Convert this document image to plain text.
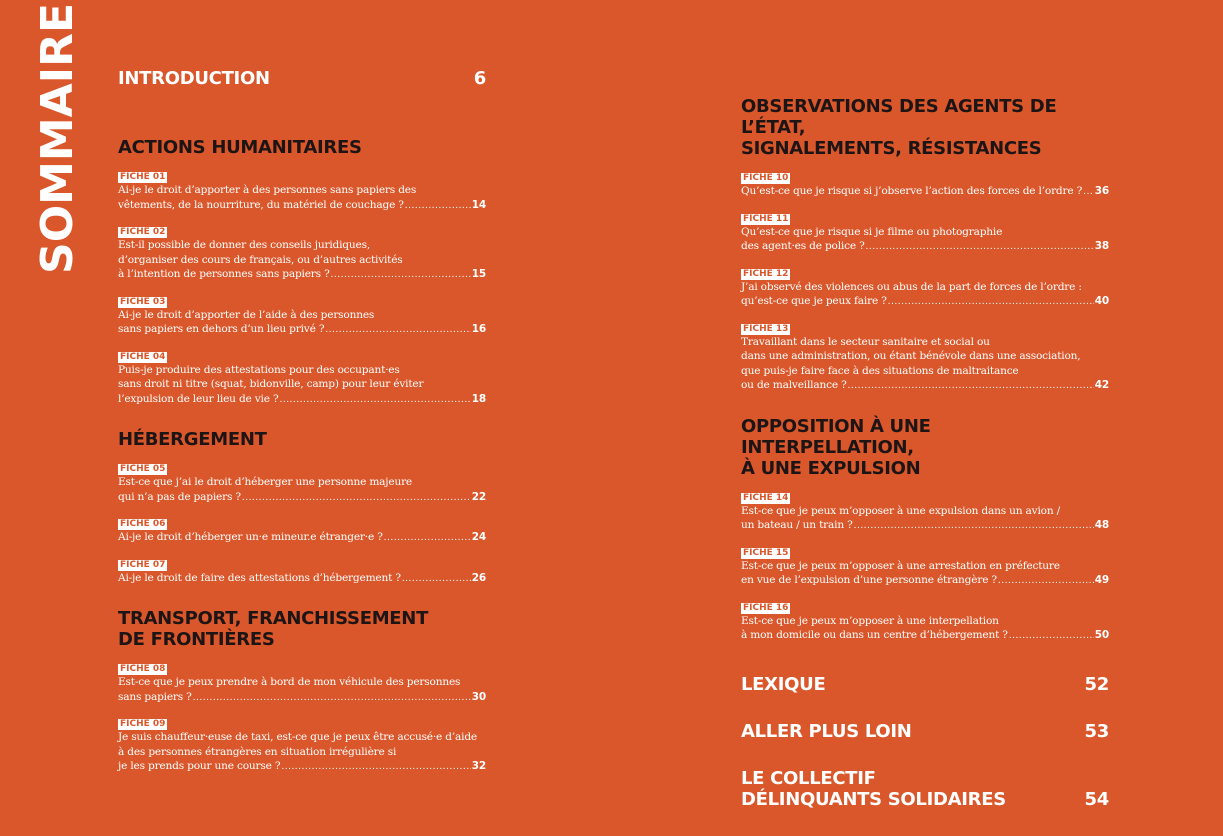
SOMMAIRE INTRODUCTION	6
ACTIONS HUMANITAIRES
FICHE 01
Ai-je le droit d’apporter à des personnes sans papiers des
vêtements, de la nourriture, du matériel de couchage ? .....	14
FICHE 02
Est-il possible de donner des conseils juridiques,
d’organiser des cours de français, ou d’autres activités
à l’intention de personnes sans papiers ? .....	15
FICHE 03
Ai-je le droit d’apporter de l’aide à des personnes
sans papiers en dehors d’un lieu privé ? .....	16
FICHE 04
Puis-je produire des attestations pour des occupant·es
sans droit ni titre (squat, bidonville, camp) pour leur éviter
l’expulsion de leur lieu de vie ? .....	18
HÉBERGEMENT
FICHE 05
Est-ce que j’ai le droit d’héberger une personne majeure
qui n’a pas de papiers ? .....	22
FICHE 06
Ai-je le droit d’héberger un·e mineur.e étranger·e ? .....	24
FICHE 07
Ai-je le droit de faire des attestations d’hébergement ? .....	26
TRANSPORT, FRANCHISSEMENT
DE FRONTIÈRES
FICHE 08
Est-ce que je peux prendre à bord de mon véhicule des personnes
sans papiers ? .....	30
FICHE 09
Je suis chauffeur·euse de taxi, est-ce que je peux être accusé·e d’aide
à des personnes étrangères en situation irrégulière si
je les prends pour une course ? .....	32
OBSERVATIONS DES AGENTS DE L’ÉTAT,
SIGNALEMENTS, RÉSISTANCES
FICHE 10
Qu’est-ce que je risque si j’observe l’action des forces de l’ordre ? ..... 36
FICHE 11
Qu’est-ce que je risque si je filme ou photographie
des agent·es de police ? .....	38
FICHE 12
J’ai observé des violences ou abus de la part de forces de l’ordre :
qu’est-ce que je peux faire ? .....	40
FICHE 13
Travaillant dans le secteur sanitaire et social ou
dans une administration, ou étant bénévole dans une association,
que puis-je faire face à des situations de maltraitance
ou de malveillance ? .....	42
OPPOSITION À UNE INTERPELLATION,
À UNE EXPULSION
FICHE 14
Est-ce que je peux m’opposer à une expulsion dans un avion /
un bateau / un train ? .....	48
FICHE 15
Est-ce que je peux m’opposer à une arrestation en préfecture
en vue de l’expulsion d’une personne étrangère ? .....	49
FICHE 16
Est-ce que je peux m’opposer à une interpellation
à mon domicile ou dans un centre d’hébergement ? .....	50
LEXIQUE	52
ALLER PLUS LOIN	53
LE COLLECTIF
DÉLINQUANTS SOLIDAIRES	54
